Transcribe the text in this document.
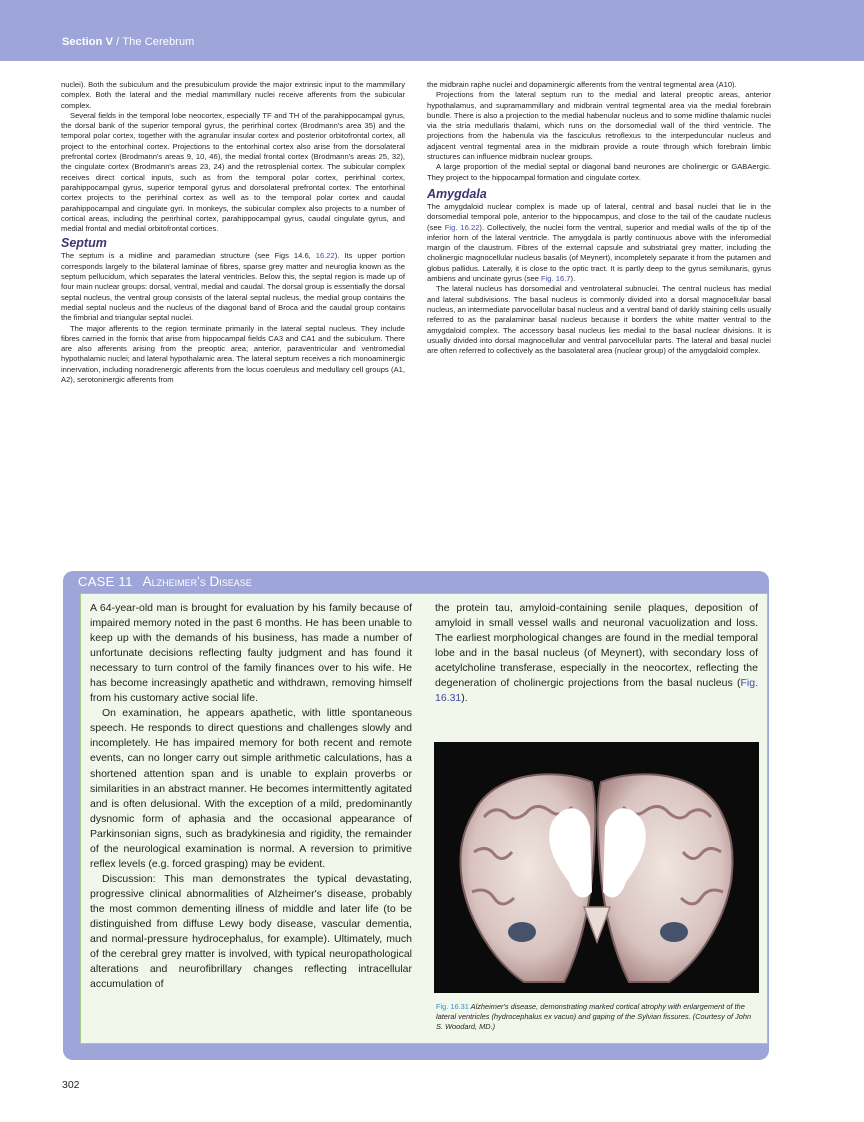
Section V / The Cerebrum

nuclei). Both the subiculum and the presubiculum provide the major extrinsic input to the mammillary complex. Both the lateral and the medial mammillary nuclei receive afferents from the subicular complex.

Several fields in the temporal lobe neocortex, especially TF and TH of the parahippocampal gyrus, the dorsal bank of the superior temporal gyrus, the perirhinal cortex (Brodmann's area 35) and the temporal polar cortex, together with the agranular insular cortex and posterior orbitofrontal cortex, all project to the entorhinal cortex. Projections to the entorhinal cortex also arise from the dorsolateral prefrontal cortex (Brodmann's areas 9, 10, 46), the medial frontal cortex (Brodmann's areas 25, 32), the cingulate cortex (Brodmann's areas 23, 24) and the retrosplenial cortex. The subicular complex receives direct cortical inputs, such as from the temporal polar cortex, perirhinal cortex, parahippocampal gyrus, superior temporal gyrus and dorsolateral prefrontal cortex. The entorhinal cortex projects to the perirhinal cortex as well as to the temporal polar cortex and caudal parahippocampal and cingulate gyri. In monkeys, the subicular complex also projects to a number of cortical areas, including the perirhinal cortex, parahippocampal gyrus, caudal cingulate gyrus, and medial frontal and medial orbitofrontal cortices.

Septum

The septum is a midline and paramedian structure (see Figs 14.6, 16.22). Its upper portion corresponds largely to the bilateral laminae of fibres, sparse grey matter and neuroglia known as the septum pellucidum, which separates the lateral ventricles. Below this, the septal region is made up of four main nuclear groups: dorsal, ventral, medial and caudal. The dorsal group is essentially the dorsal septal nucleus, the ventral group consists of the lateral septal nucleus, the medial group contains the medial septal nucleus and the nucleus of the diagonal band of Broca and the caudal group contains the fimbrial and triangular septal nuclei.

The major afferents to the region terminate primarily in the lateral septal nucleus. They include fibres carried in the fornix that arise from hippocampal fields CA3 and CA1 and the subiculum. There are also afferents arising from the preoptic area; anterior, paraventricular and ventromedial hypothalamic nuclei; and lateral hypothalamic area. The lateral septum receives a rich monoaminergic innervation, including noradrenergic afferents from the locus coeruleus and medullary cell groups (A1, A2), serotoninergic afferents from

the midbrain raphe nuclei and dopaminergic afferents from the ventral tegmental area (A10).

Projections from the lateral septum run to the medial and lateral preoptic areas, anterior hypothalamus, and supramammillary and midbrain ventral tegmental area via the medial forebrain bundle. There is also a projection to the medial habenular nucleus and to some midline thalamic nuclei via the stria medullaris thalami, which runs on the dorsomedial wall of the third ventricle. The projections from the habenula via the fasciculus retroflexus to the interpeduncular nucleus and adjacent ventral tegmental area in the midbrain provide a route through which forebrain limbic structures can influence midbrain nuclear groups.

A large proportion of the medial septal or diagonal band neurones are cholinergic or GABAergic. They project to the hippocampal formation and cingulate cortex.

Amygdala

The amygdaloid nuclear complex is made up of lateral, central and basal nuclei that lie in the dorsomedial temporal pole, anterior to the hippocampus, and close to the tail of the caudate nucleus (see Fig. 16.22). Collectively, the nuclei form the ventral, superior and medial walls of the tip of the inferior horn of the lateral ventricle. The amygdala is partly continuous above with the inferomedial margin of the claustrum. Fibres of the external capsule and substriatal grey matter, including the cholinergic magnocellular nucleus basalis (of Meynert), incompletely separate it from the putamen and globus pallidus. Laterally, it is close to the optic tract. It is partly deep to the gyrus semilunaris, gyrus ambiens and uncinate gyrus (see Fig. 16.7).

The lateral nucleus has dorsomedial and ventrolateral subnuclei. The central nucleus has medial and lateral subdivisions. The basal nucleus is commonly divided into a dorsal magnocellular basal nucleus, an intermediate parvocellular basal nucleus and a ventral band of darkly staining cells usually referred to as the paralaminar basal nucleus because it borders the white matter ventral to the amygdaloid complex. The accessory basal nucleus lies medial to the basal nuclear divisions. It is usually divided into dorsal magnocellular and ventral parvocellular parts. The lateral and basal nuclei are often referred to collectively as the basolateral area (nuclear group) of the amygdaloid complex.

CASE 11 Alzheimer's Disease

A 64-year-old man is brought for evaluation by his family because of impaired memory noted in the past 6 months. He has been unable to keep up with the demands of his business, has made a number of unfortunate decisions reflecting faulty judgment and has found it necessary to turn control of the family finances over to his wife. He has become increasingly apathetic and withdrawn, removing himself from his customary active social life.

On examination, he appears apathetic, with little spontaneous speech. He responds to direct questions and challenges slowly and incompletely. He has impaired memory for both recent and remote events, can no longer carry out simple arithmetic calculations, has a shortened attention span and is unable to explain proverbs or similarities in an abstract manner. He becomes intermittently agitated and is often delusional. With the exception of a mild, predominantly dysnomic form of aphasia and the occasional appearance of Parkinsonian signs, such as bradykinesia and rigidity, the remainder of the neurological examination is normal. A reversion to primitive reflex levels (e.g. forced grasping) may be evident.

Discussion: This man demonstrates the typical devastating, progressive clinical abnormalities of Alzheimer's disease, probably the most common dementing illness of middle and later life (to be distinguished from diffuse Lewy body disease, vascular dementia, and normal-pressure hydrocephalus, for example). Ultimately, much of the cerebral grey matter is involved, with typical neuropathological alterations and neurofibrillary changes reflecting intracellular accumulation of

the protein tau, amyloid-containing senile plaques, deposition of amyloid in small vessel walls and neuronal vacuolization and loss. The earliest morphological changes are found in the medial temporal lobe and in the basal nucleus (of Meynert), with secondary loss of acetylcholine transferase, especially in the neocortex, reflecting the degeneration of cholinergic projections from the basal nucleus (Fig. 16.31).

Fig. 16.31 Alzheimer's disease, demonstrating marked cortical atrophy with enlargement of the lateral ventricles (hydrocephalus ex vacuo) and gaping of the Sylvian fissures. (Courtesy of John S. Woodard, MD.)
302
